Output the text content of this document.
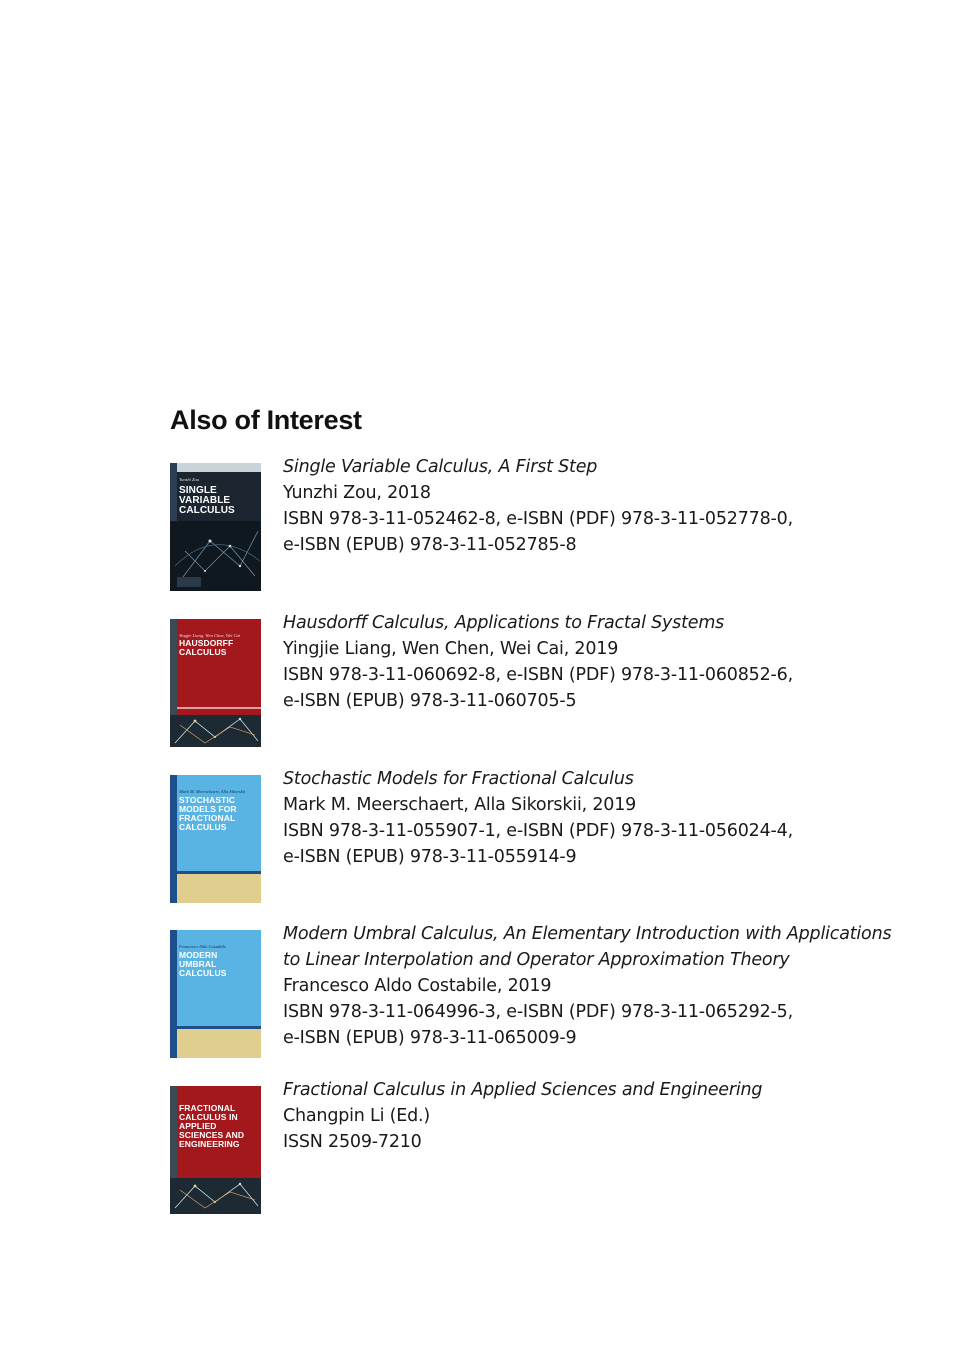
Also of Interest
Yunzhi Zou
SINGLE VARIABLE CALCULUS
Single Variable Calculus, A First Step
Yunzhi Zou, 2018
ISBN 978-3-11-052462-8, e-ISBN (PDF) 978-3-11-052778-0,
e-ISBN (EPUB) 978-3-11-052785-8
Yingjie Liang, Wen Chen, Wei Cai
HAUSDORFF CALCULUS
Hausdorff Calculus, Applications to Fractal Systems
Yingjie Liang, Wen Chen, Wei Cai, 2019
ISBN 978-3-11-060692-8, e-ISBN (PDF) 978-3-11-060852-6,
e-ISBN (EPUB) 978-3-11-060705-5
Mark M. Meerschaert, Alla Sikorskii
STOCHASTIC MODELS FOR FRACTIONAL CALCULUS
Stochastic Models for Fractional Calculus
Mark M. Meerschaert, Alla Sikorskii, 2019
ISBN 978-3-11-055907-1, e-ISBN (PDF) 978-3-11-056024-4,
e-ISBN (EPUB) 978-3-11-055914-9
Francesco Aldo Costabile
MODERN UMBRAL CALCULUS
Modern Umbral Calculus, An Elementary Introduction with Applications
to Linear Interpolation and Operator Approximation Theory
Francesco Aldo Costabile, 2019
ISBN 978-3-11-064996-3, e-ISBN (PDF) 978-3-11-065292-5,
e-ISBN (EPUB) 978-3-11-065009-9
FRACTIONAL CALCULUS IN APPLIED SCIENCES AND ENGINEERING
Fractional Calculus in Applied Sciences and Engineering
Changpin Li (Ed.)
ISSN 2509-7210
